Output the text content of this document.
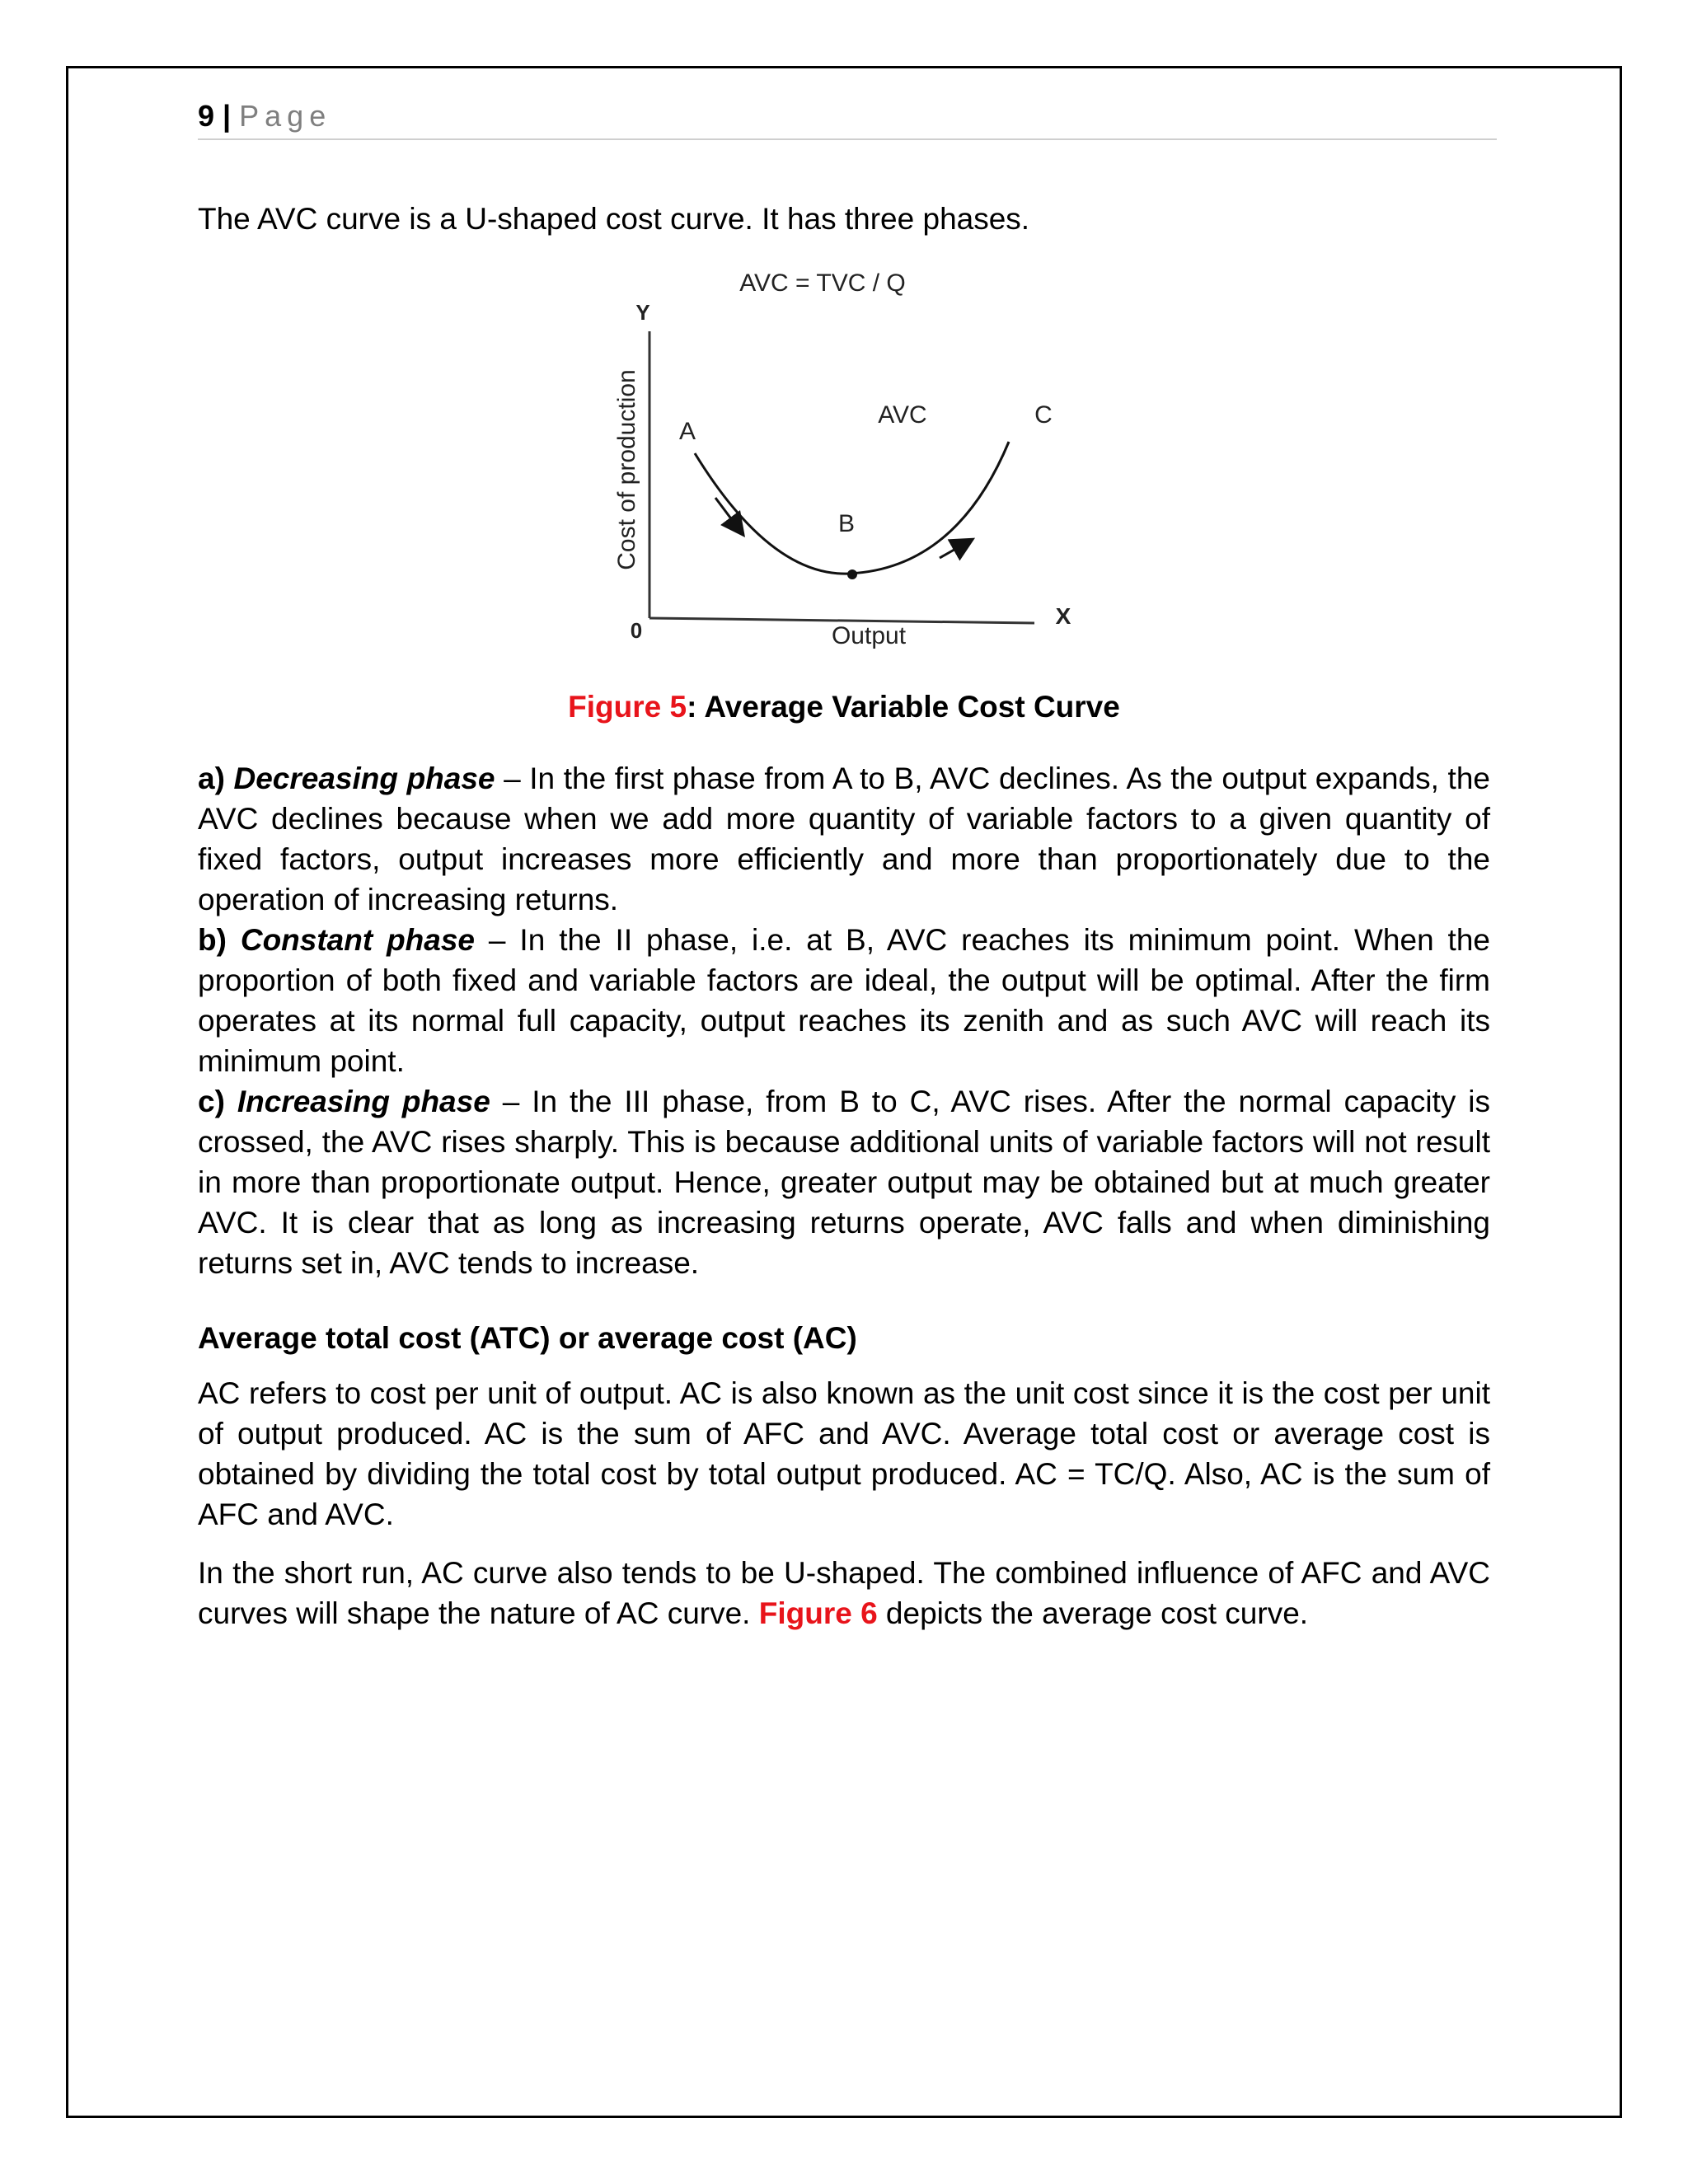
9 | Page
The AVC curve is a U-shaped cost curve. It has three phases.
AVC = TVC / Q
Y
Cost of production
0
X
Output
AVC
A
B
C
Figure 5: Average Variable Cost Curve

a) Decreasing phase – In the first phase from A to B, AVC declines. As the output expands, the AVC declines because when we add more quantity of variable factors to a given quantity of fixed factors, output increases more efficiently and more than proportionately due to the operation of increasing returns.

b) Constant phase – In the II phase, i.e. at B, AVC reaches its minimum point. When the proportion of both fixed and variable factors are ideal, the output will be optimal. After the firm operates at its normal full capacity, output reaches its zenith and as such AVC will reach its minimum point.

c) Increasing phase – In the III phase, from B to C, AVC rises. After the normal capacity is crossed, the AVC rises sharply. This is because additional units of variable factors will not result in more than proportionate output. Hence, greater output may be obtained but at much greater AVC. It is clear that as long as increasing returns operate, AVC falls and when diminishing returns set in, AVC tends to increase.

Average total cost (ATC) or average cost (AC)
AC refers to cost per unit of output. AC is also known as the unit cost since it is the cost per unit of output produced. AC is the sum of AFC and AVC. Average total cost or average cost is obtained by dividing the total cost by total output produced. AC = TC/Q. Also, AC is the sum of AFC and AVC.
In the short run, AC curve also tends to be U-shaped. The combined influence of AFC and AVC curves will shape the nature of AC curve. Figure 6 depicts the average cost curve.
